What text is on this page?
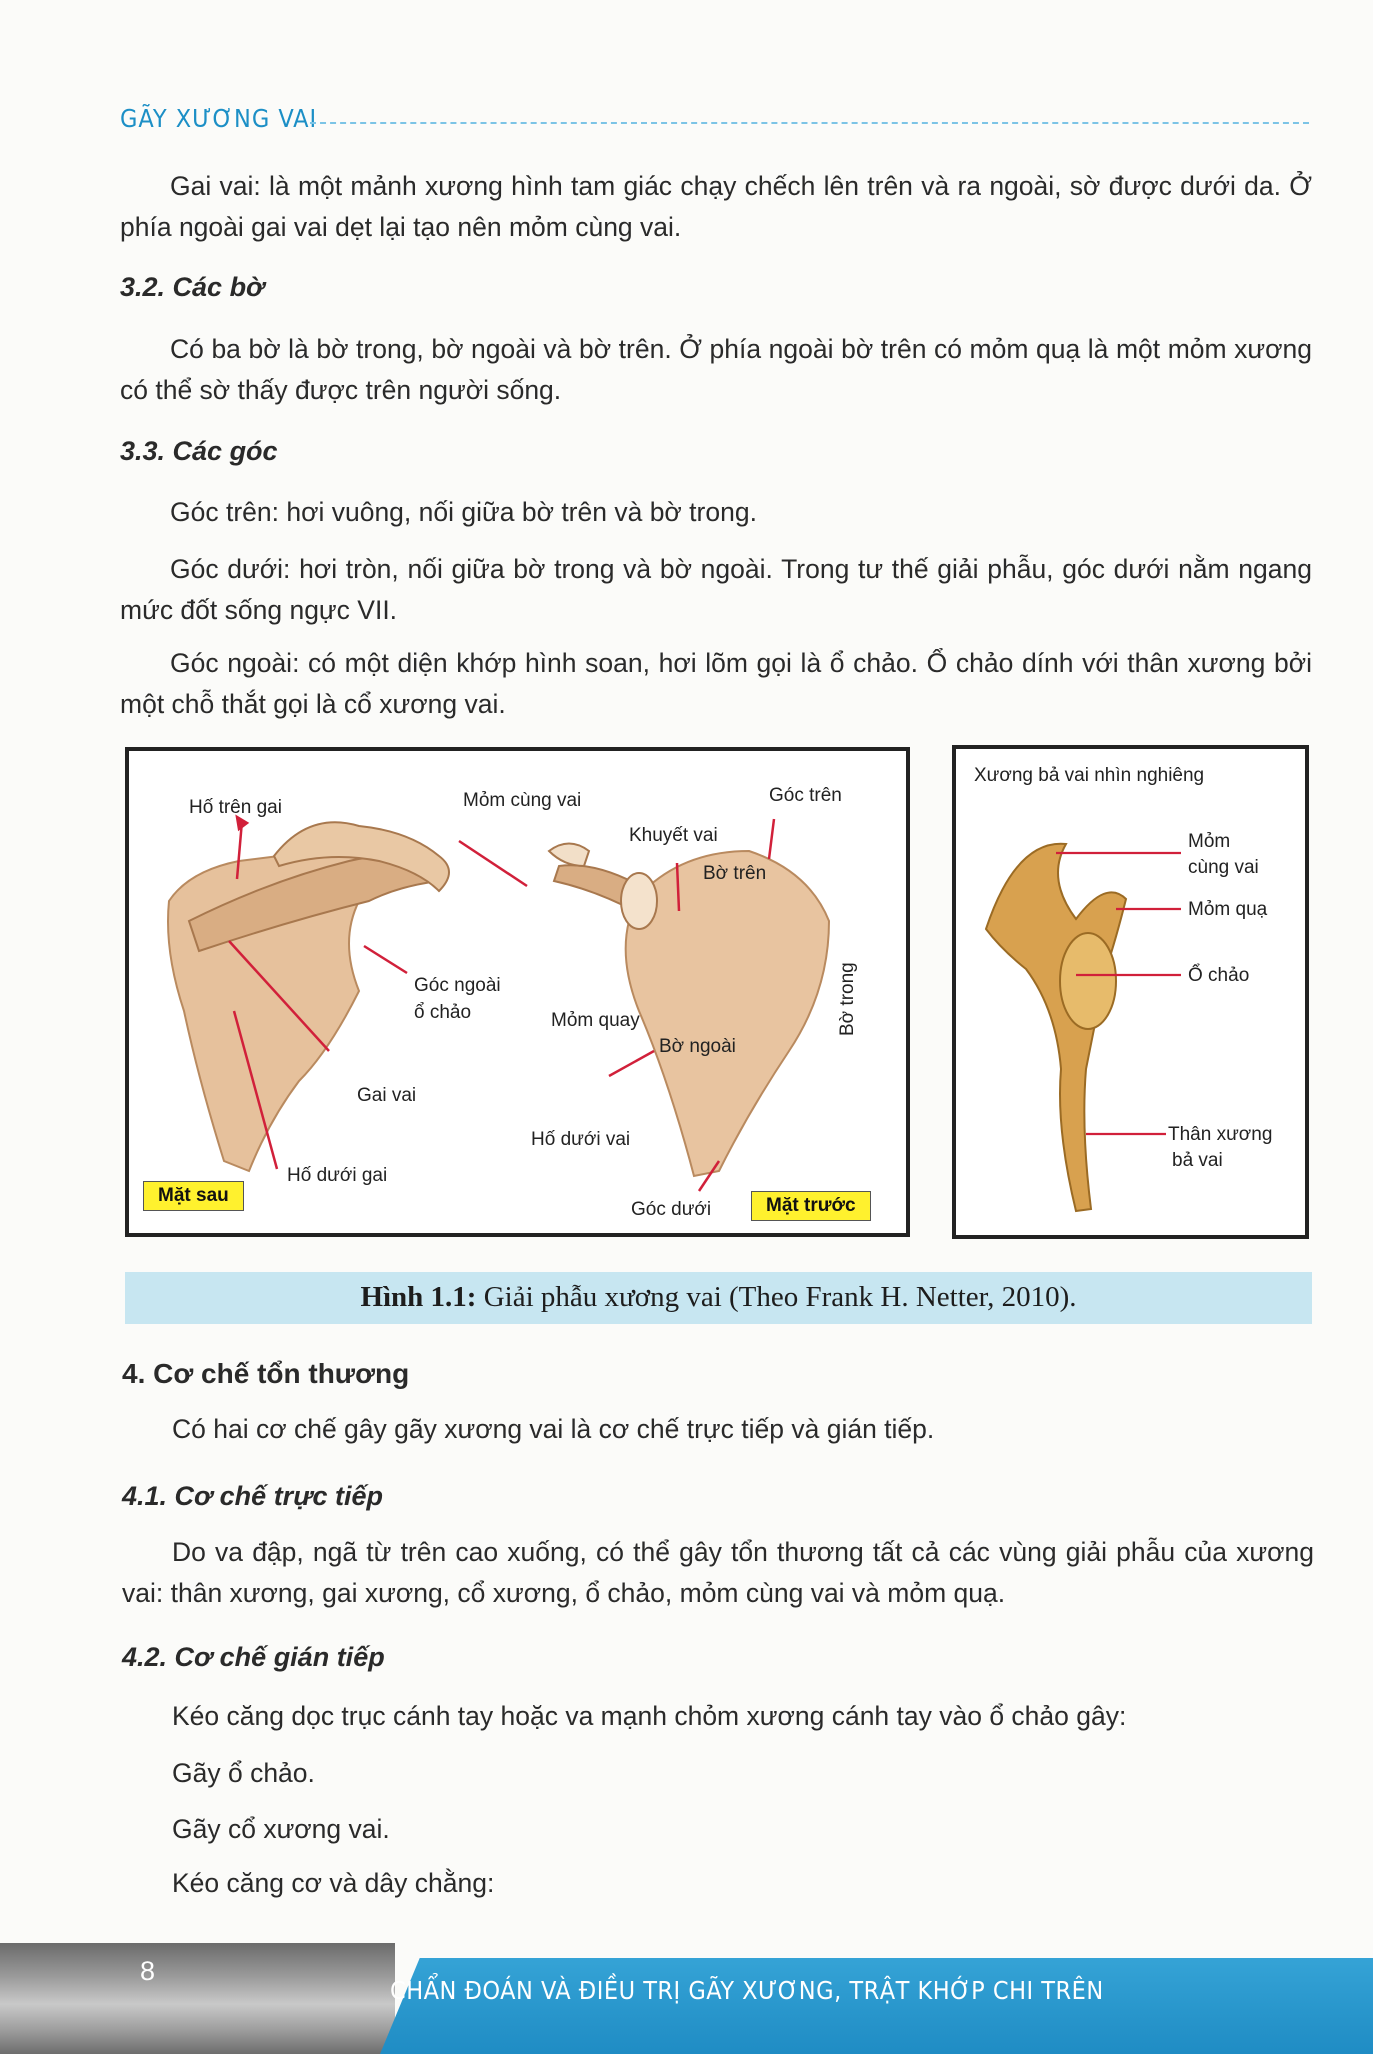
GÃY XƯƠNG VAI

Gai vai: là một mảnh xương hình tam giác chạy chếch lên trên và ra ngoài, sờ được dưới da. Ở phía ngoài gai vai dẹt lại tạo nên mỏm cùng vai.

3.2. Các bờ

Có ba bờ là bờ trong, bờ ngoài và bờ trên. Ở phía ngoài bờ trên có mỏm quạ là một mỏm xương có thể sờ thấy được trên người sống.

3.3. Các góc

Góc trên: hơi vuông, nối giữa bờ trên và bờ trong.

Góc dưới: hơi tròn, nối giữa bờ trong và bờ ngoài. Trong tư thế giải phẫu, góc dưới nằm ngang mức đốt sống ngực VII.

Góc ngoài: có một diện khớp hình soan, hơi lõm gọi là ổ chảo. Ổ chảo dính với thân xương bởi một chỗ thắt gọi là cổ xương vai.

Hố trên gai	Mỏm cùng vai	Góc trên
Khuyết vai
Bờ trên
Góc ngoài
ổ chảo	Mỏm quay
Bờ ngoài
Bờ trong
Gai vai
Hố dưới vai
Hố dưới gai
Góc dưới
Mặt sau	Mặt trước
Xương bả vai nhìn nghiêng
Mỏm
cùng vai
Mỏm quạ
Ổ chảo
Thân xương
bả vai
Hình 1.1: Giải phẫu xương vai (Theo Frank H. Netter, 2010).
4. Cơ chế tổn thương

Có hai cơ chế gây gãy xương vai là cơ chế trực tiếp và gián tiếp.

4.1. Cơ chế trực tiếp

Do va đập, ngã từ trên cao xuống, có thể gây tổn thương tất cả các vùng giải phẫu của xương vai: thân xương, gai xương, cổ xương, ổ chảo, mỏm cùng vai và mỏm quạ.

4.2. Cơ chế gián tiếp

Kéo căng dọc trục cánh tay hoặc va mạnh chỏm xương cánh tay vào ổ chảo gây:

Gãy ổ chảo.

Gãy cổ xương vai.

Kéo căng cơ và dây chằng:

8
CHẨN ĐOÁN VÀ ĐIỀU TRỊ GÃY XƯƠNG, TRẬT KHỚP CHI TRÊN
